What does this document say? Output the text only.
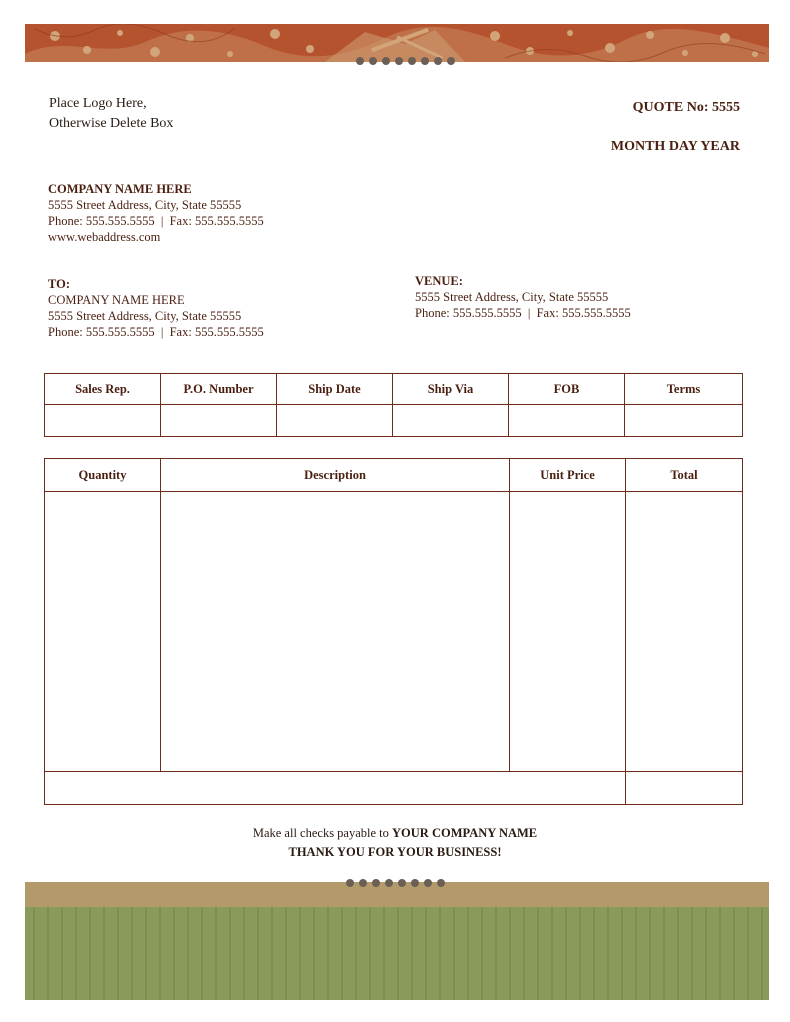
Place Logo Here,
Otherwise Delete Box
QUOTE No: 5555
MONTH DAY YEAR
COMPANY NAME HERE
5555 Street Address, City, State 55555
Phone: 555.555.5555  |  Fax: 555.555.5555
www.webaddress.com
TO:
COMPANY NAME HERE
5555 Street Address, City, State 55555
Phone: 555.555.5555  |  Fax: 555.555.5555
VENUE:
5555 Street Address, City, State 55555
Phone: 555.555.5555  |  Fax: 555.555.5555
Sales Rep.	P.O. Number	Ship Date	Ship Via	FOB	Terms

Quantity	Description	Unit Price	Total

Make all checks payable to YOUR COMPANY NAME
THANK YOU FOR YOUR BUSINESS!
